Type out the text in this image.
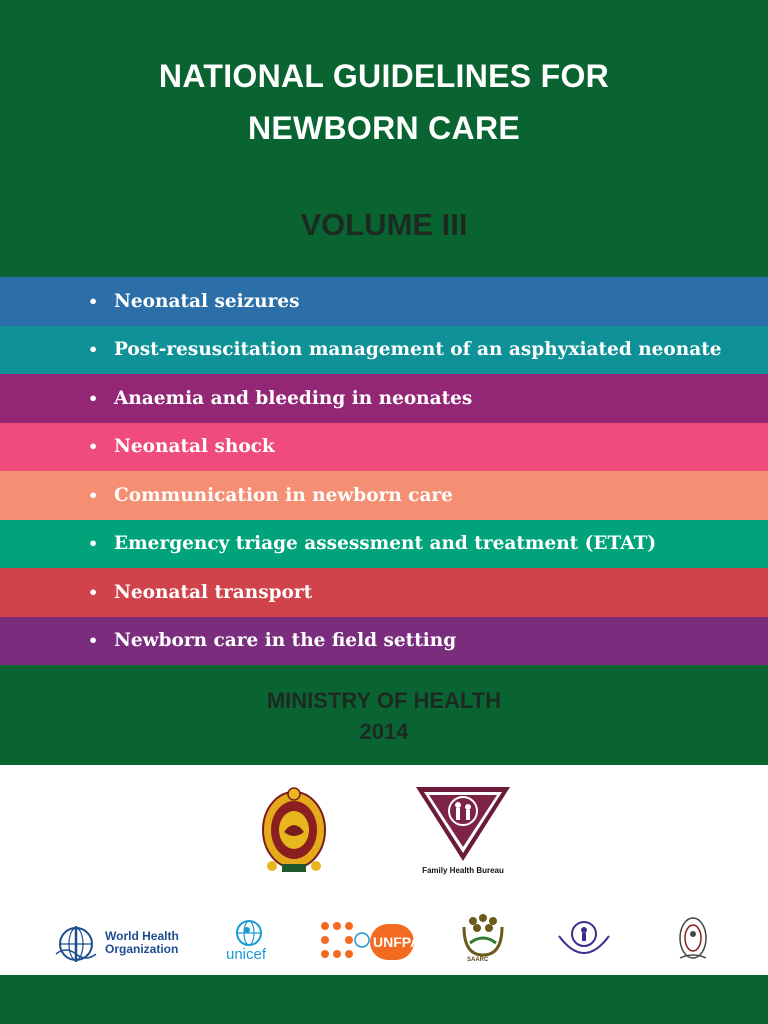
NATIONAL GUIDELINES FOR
NEWBORN CARE
VOLUME III
• Neonatal seizures
• Post-resuscitation management of an asphyxiated neonate
• Anaemia and bleeding in neonates
• Neonatal shock
• Communication in newborn care
• Emergency triage assessment and treatment (ETAT)
• Neonatal transport
• Newborn care in the field setting
MINISTRY OF HEALTH
2014
Family Health Bureau
World Health
Organization	unicef
UNFPA
SAARC
